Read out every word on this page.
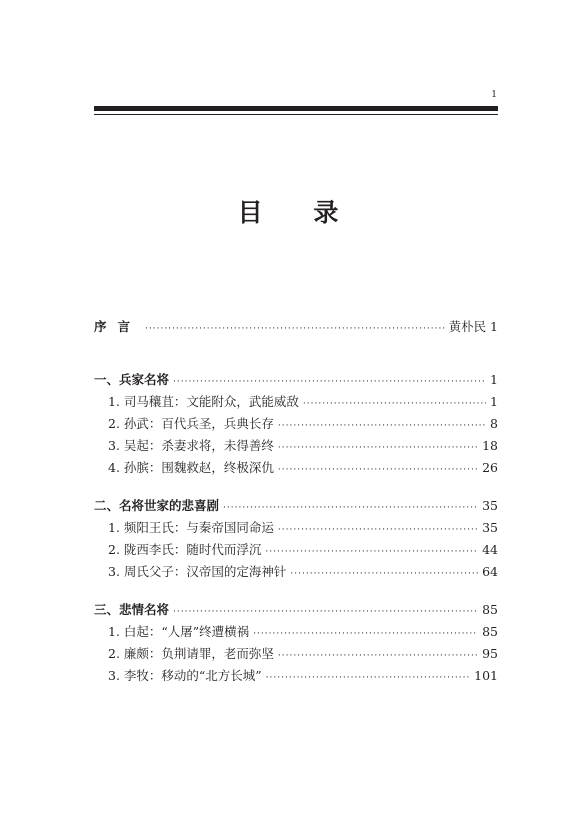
1
目 录
序言 ·····	黄朴民 1
一、兵家名将 ·····	1
1. 司马穰苴：文能附众，武能威敌 ·····	1
2. 孙武：百代兵圣，兵典长存 ·····	8
3. 吴起：杀妻求将，未得善终 ·····	18
4. 孙膑：围魏救赵，终极深仇 ·····	26
二、名将世家的悲喜剧 ·····	35
1. 频阳王氏：与秦帝国同命运 ·····	35
2. 陇西李氏：随时代而浮沉 ·····	44
3. 周氏父子：汉帝国的定海神针 ·····	64
三、悲情名将 ·····	85
1. 白起：“人屠”终遭横祸 ·····	85
2. 廉颇：负荆请罪，老而弥坚 ·····	95
3. 李牧：移动的“北方长城” ·····	101
